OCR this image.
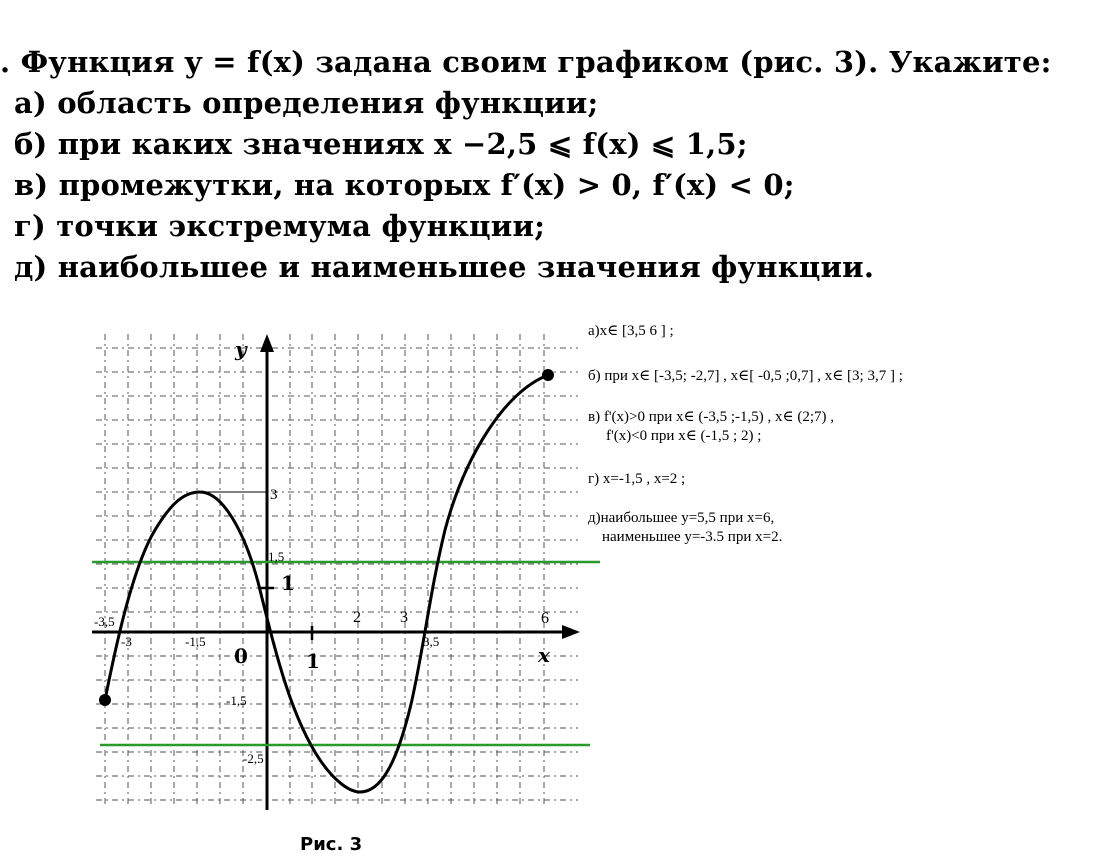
. Функция y = f(x) задана своим графиком (рис. 3). Укажите:
а) область определения функции;
б) при каких значениях x −2,5 ⩽ f(x) ⩽ 1,5;
в) промежутки, на которых f′(x) > 0, f′(x) < 0;
г) точки экстремума функции;
д) наибольшее и наименьшее значения функции.
y
x
-3,5
-3	-1,5
0	1
2 3
3,5
6
3
1,5
1
-1,5
-2,5
Рис. 3
а)x∈ [3,5 6 ] ;
б) при x∈ [-3,5; -2,7] , x∈[ -0,5 ;0,7] , x∈ [3; 3,7 ] ;
в) f'(x)>0 при x∈ (-3,5 ;-1,5) , x∈ (2;7) ,
f'(x)<0 при x∈ (-1,5 ; 2) ;
г) x=-1,5 , x=2 ;
д)наибольшее y=5,5 при x=6,
наименьшее y=-3.5 при x=2.
